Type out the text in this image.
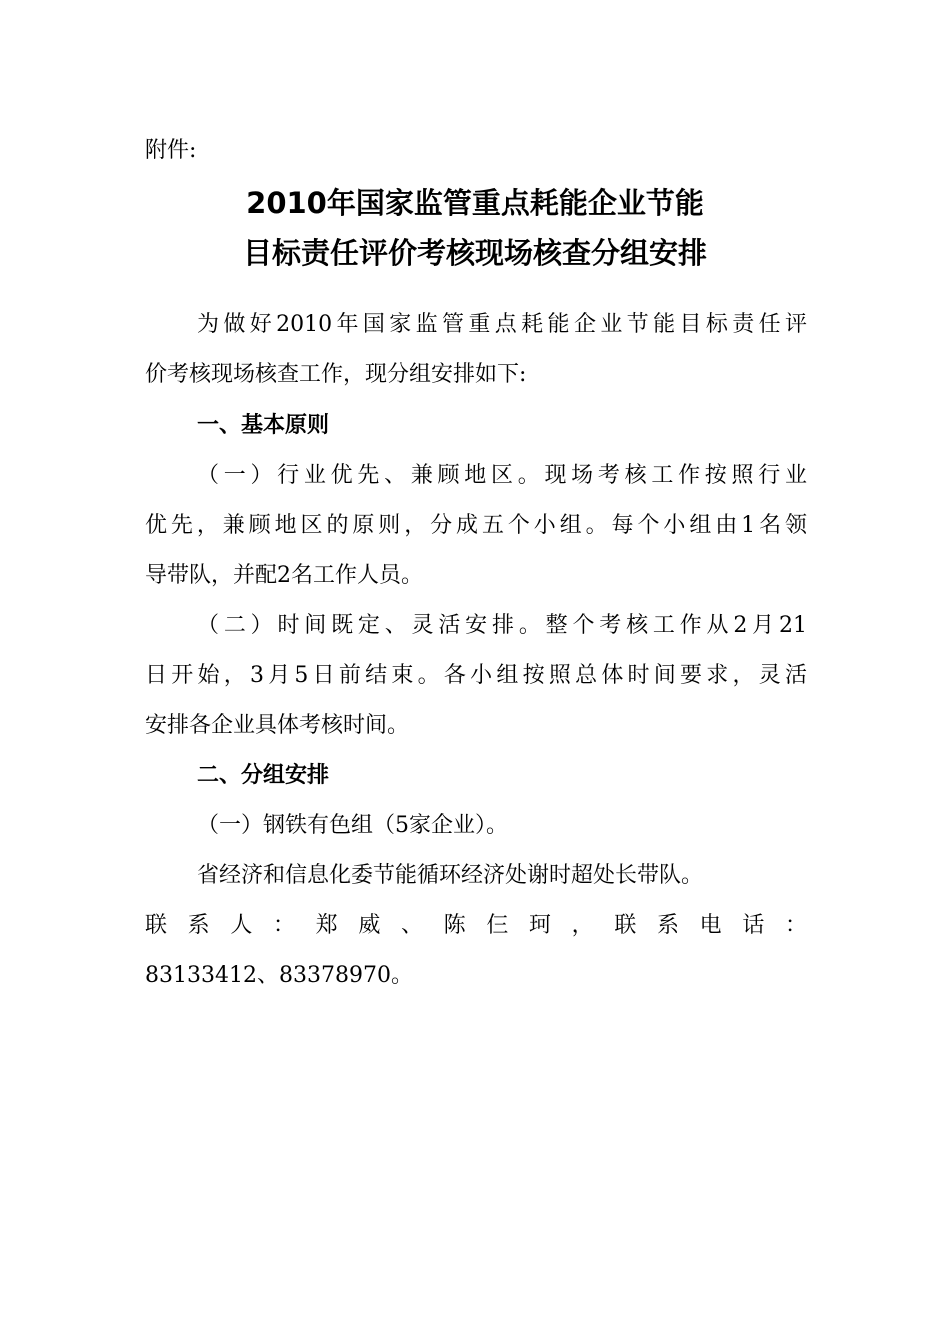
附件:
2010年国家监管重点耗能企业节能
目标责任评价考核现场核查分组安排
为做好2010年国家监管重点耗能企业节能目标责任评
价考核现场核查工作，现分组安排如下:
一、基本原则
（一）行业优先、兼顾地区。现场考核工作按照行业
优先，兼顾地区的原则，分成五个小组。每个小组由1名领
导带队，并配2名工作人员。
（二）时间既定、灵活安排。整个考核工作从2月21
日开始，3月5日前结束。各小组按照总体时间要求，灵活
安排各企业具体考核时间。
二、分组安排
（一）钢铁有色组（5家企业）。
省经济和信息化委节能循环经济处谢时超处长带队。
联系人：郑威、陈仨珂，联系电话：
83133412、83378970。
